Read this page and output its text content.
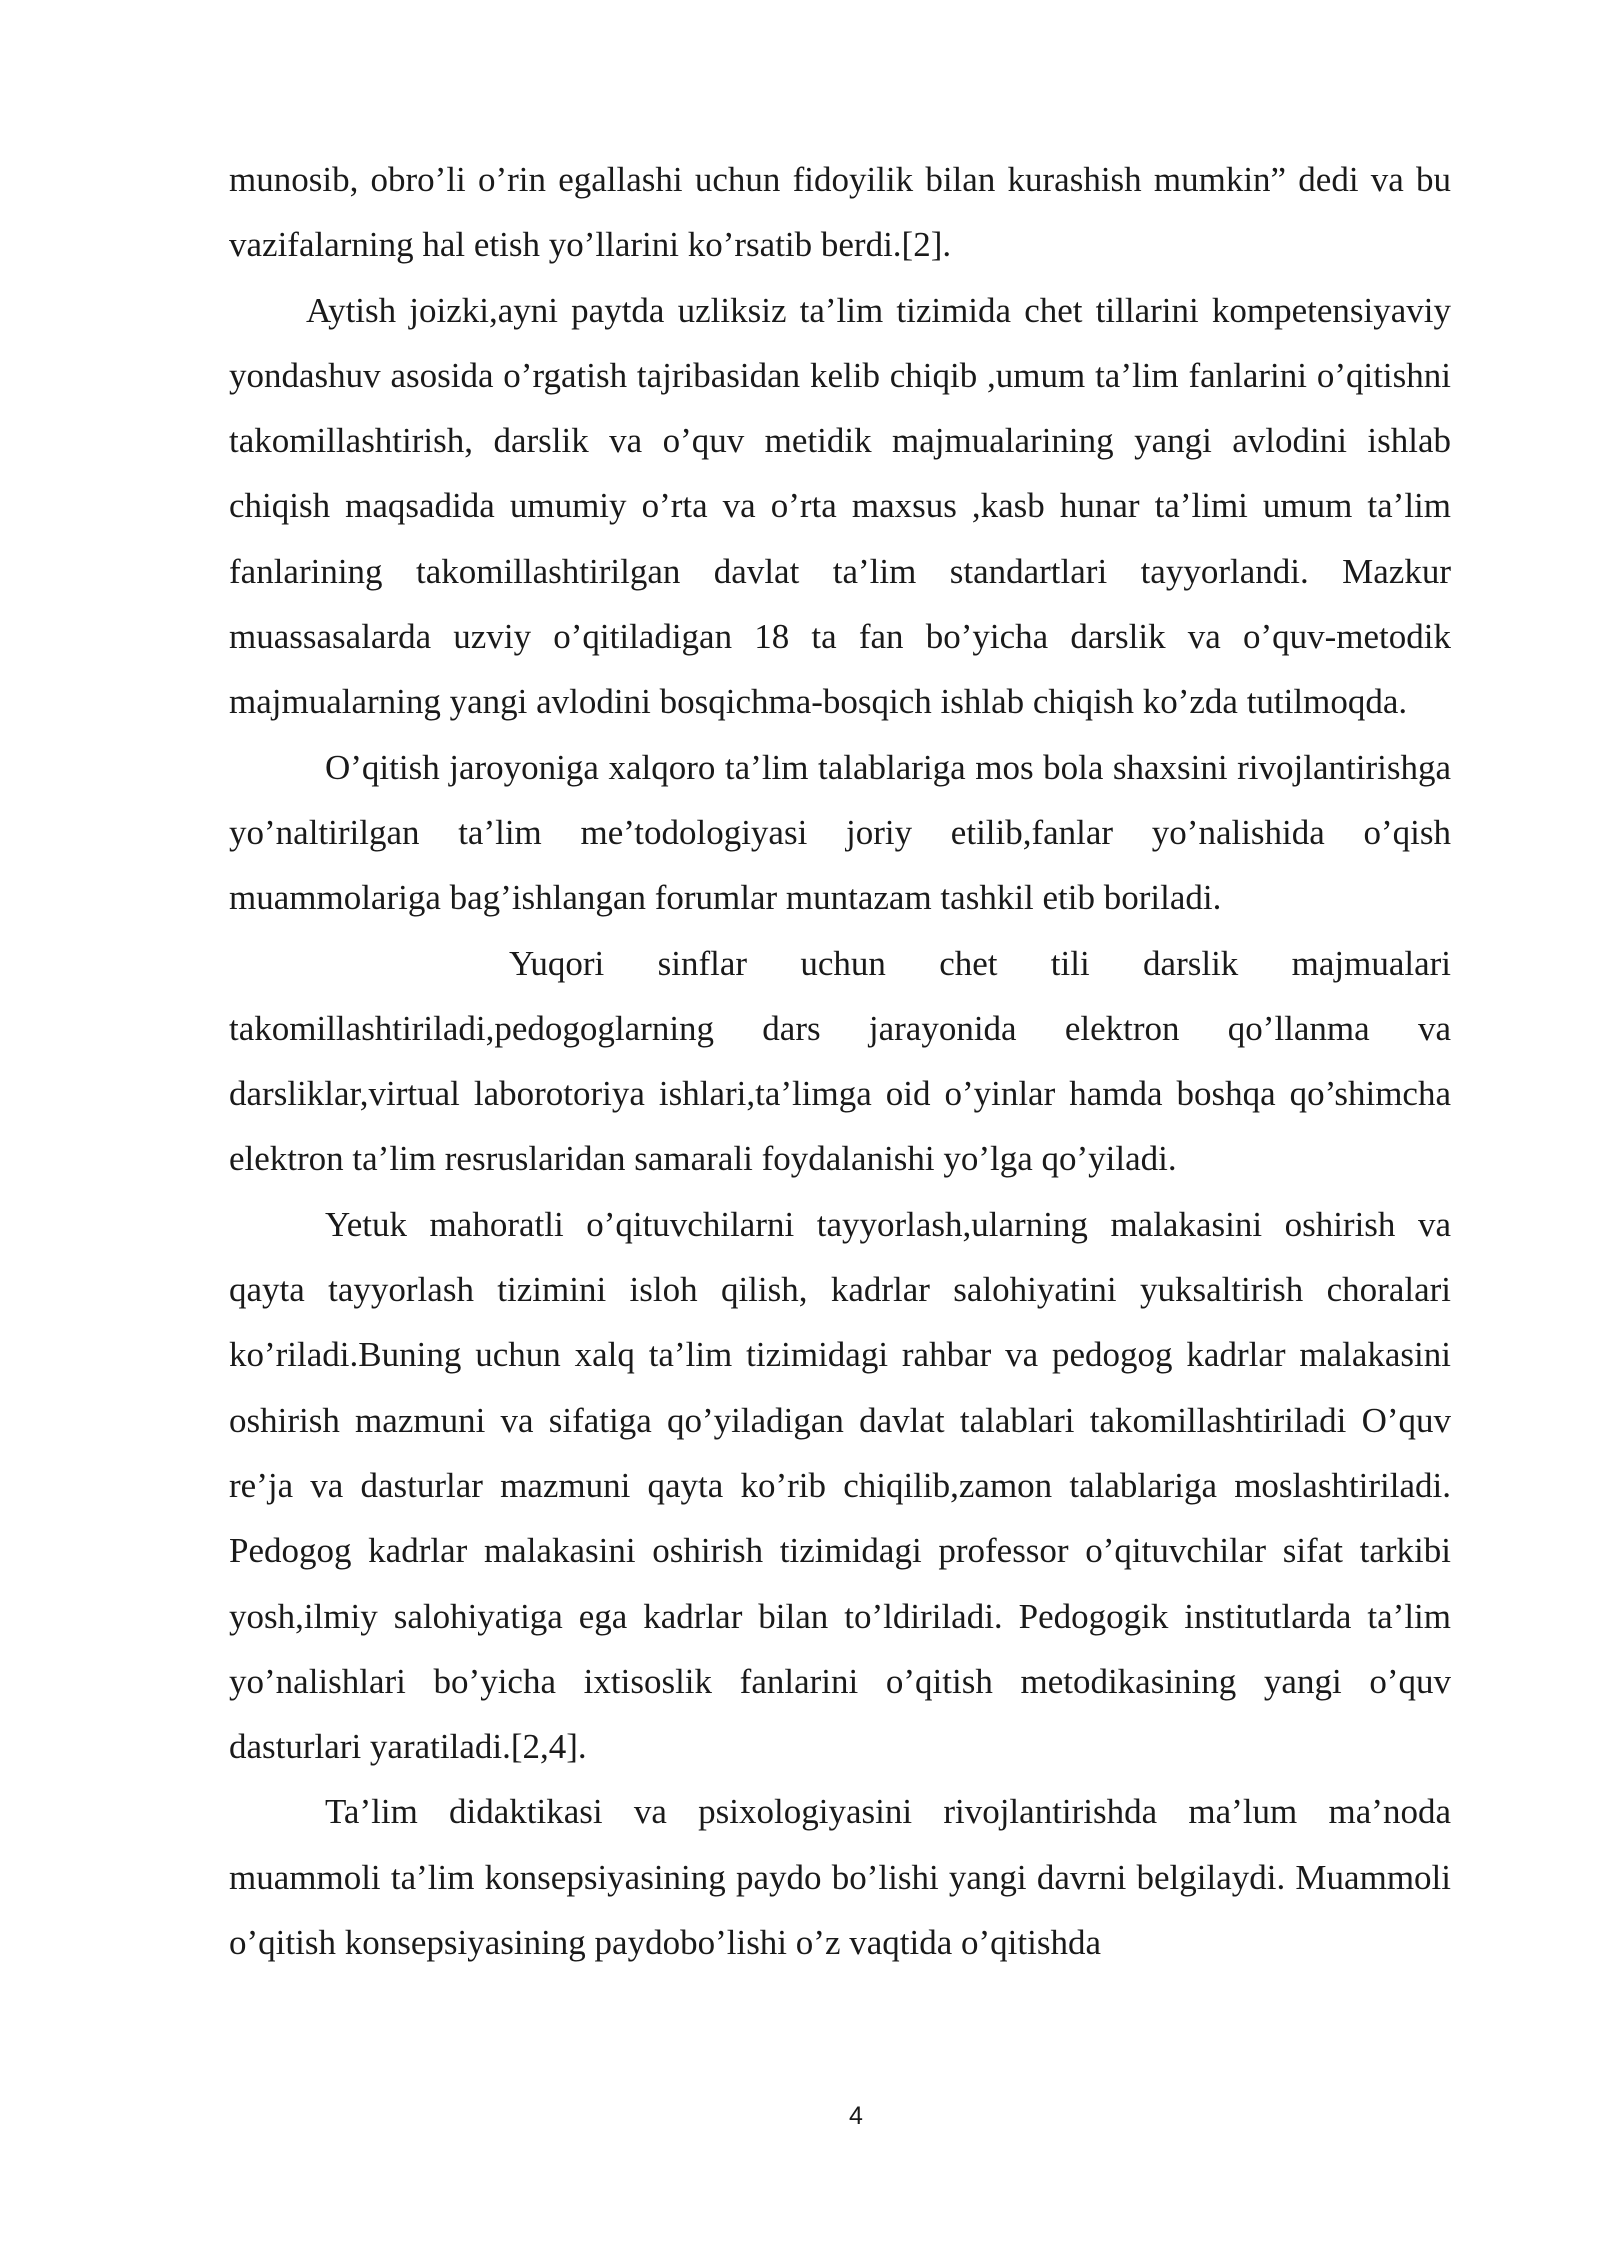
munosib, obro’li o’rin egallashi uchun fidoyilik bilan kurashish mumkin” dedi va bu vazifalarning hal etish yo’llarini ko’rsatib berdi.[2].

Aytish joizki,ayni paytda uzliksiz ta’lim tizimida chet tillarini kompetensiyaviy yondashuv asosida o’rgatish tajribasidan kelib chiqib ,umum ta’lim fanlarini o’qitishni takomillashtirish, darslik va o’quv metidik majmualarining yangi avlodini ishlab chiqish maqsadida umumiy o’rta va o’rta maxsus ,kasb hunar ta’limi umum ta’lim fanlarining takomillashtirilgan davlat ta’lim standartlari tayyorlandi. Mazkur muassasalarda uzviy o’qitiladigan 18 ta fan bo’yicha darslik va o’quv-metodik majmualarning yangi avlodini bosqichma-bosqich ishlab chiqish ko’zda tutilmoqda.

O’qitish jaroyoniga xalqoro ta’lim talablariga mos bola shaxsini rivojlantirishga yo’naltirilgan ta’lim me’todologiyasi joriy etilib,fanlar yo’nalishida o’qish muammolariga bag’ishlangan forumlar muntazam tashkil etib boriladi.

Yuqori sinflar uchun chet tili darslik majmualari takomillashtiriladi,pedogoglarning dars jarayonida elektron qo’llanma va darsliklar,virtual laborotoriya ishlari,ta’limga oid o’yinlar hamda boshqa qo’shimcha elektron ta’lim resruslaridan samarali foydalanishi yo’lga qo’yiladi.

Yetuk mahoratli o’qituvchilarni tayyorlash,ularning malakasini oshirish va qayta tayyorlash tizimini isloh qilish, kadrlar salohiyatini yuksaltirish choralari ko’riladi.Buning uchun xalq ta’lim tizimidagi rahbar va pedogog kadrlar malakasini oshirish mazmuni va sifatiga qo’yiladigan davlat talablari takomillashtiriladi O’quv re’ja va dasturlar mazmuni qayta ko’rib chiqilib,zamon talablariga moslashtiriladi. Pedogog kadrlar malakasini oshirish tizimidagi professor o’qituvchilar sifat tarkibi yosh,ilmiy salohiyatiga ega kadrlar bilan to’ldiriladi. Pedogogik institutlarda ta’lim yo’nalishlari bo’yicha ixtisoslik fanlarini o’qitish metodikasining yangi o’quv dasturlari yaratiladi.[2,4].

Ta’lim didaktikasi va psixologiyasini rivojlantirishda ma’lum ma’noda muammoli ta’lim konsepsiyasining paydo bo’lishi yangi davrni belgilaydi. Muammoli o’qitish konsepsiyasining paydobo’lishi o’z vaqtida o’qitishda

4
